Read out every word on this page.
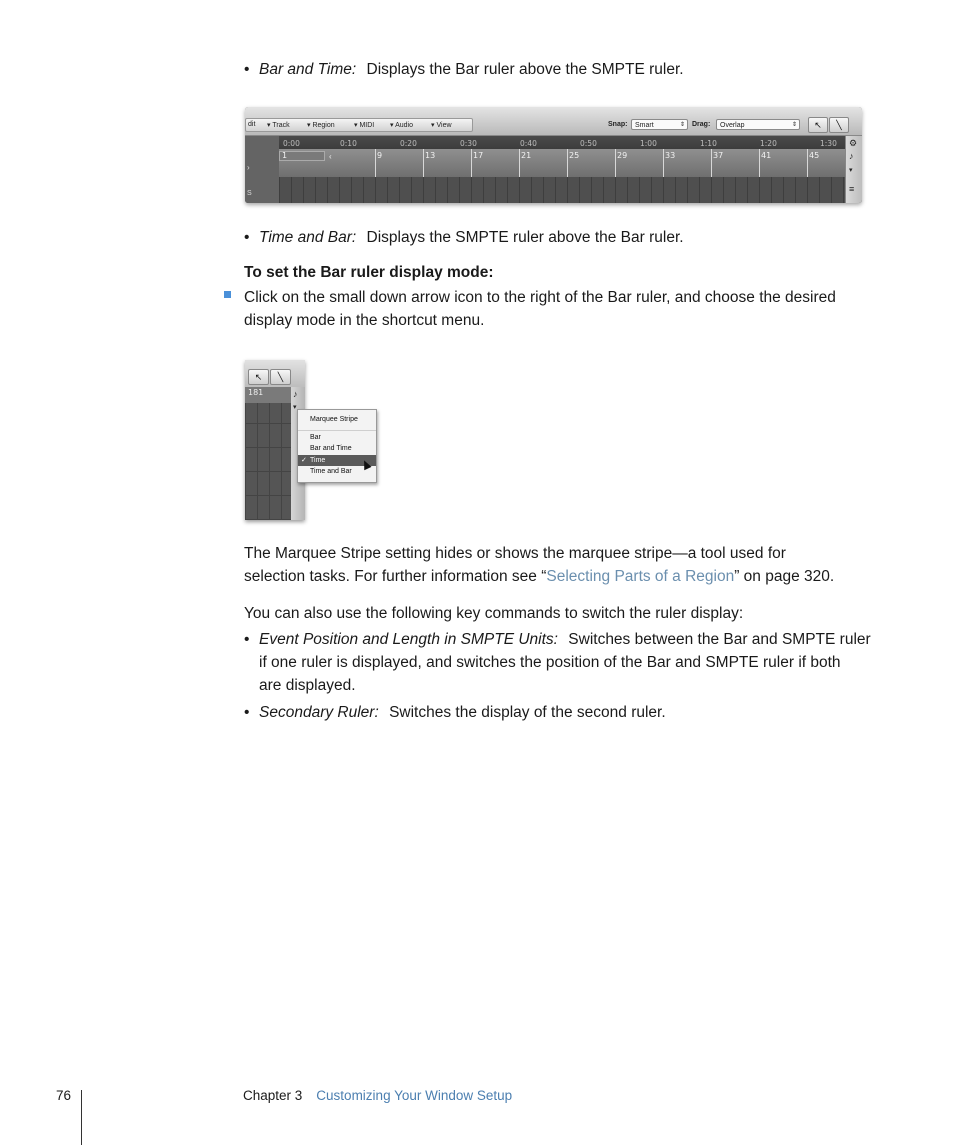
• Bar and Time: Displays the Bar ruler above the SMPTE ruler.
dit ▾ Track ▾ Region	▾ MIDI ▾ Audio	▾ View	Snap:	Smart	⇕ Drag:	Overlap	⇕	↖	╲
›
S
0:00	0:10	0:20	0:30	0:40	0:50	1:00	1:10	1:20	1:30
1	‹	9	13	17	21	25	29	33	37	41	45
⚙
♪
▾
≡
• Time and Bar: Displays the SMPTE ruler above the Bar ruler.
To set the Bar ruler display mode:
Click on the small down arrow icon to the right of the Bar ruler, and choose the desired
display mode in the shortcut menu.
↖	╲
181	♪
▾
Marquee Stripe
Bar
Bar and Time
✓ Time
Time and Bar
The Marquee Stripe setting hides or shows the marquee stripe—a tool used for
selection tasks. For further information see “Selecting Parts of a Region” on page 320.
You can also use the following key commands to switch the ruler display:
• Event Position and Length in SMPTE Units: Switches between the Bar and SMPTE ruler
if one ruler is displayed, and switches the position of the Bar and SMPTE ruler if both
are displayed.
• Secondary Ruler: Switches the display of the second ruler.
76	Chapter 3 Customizing Your Window Setup
